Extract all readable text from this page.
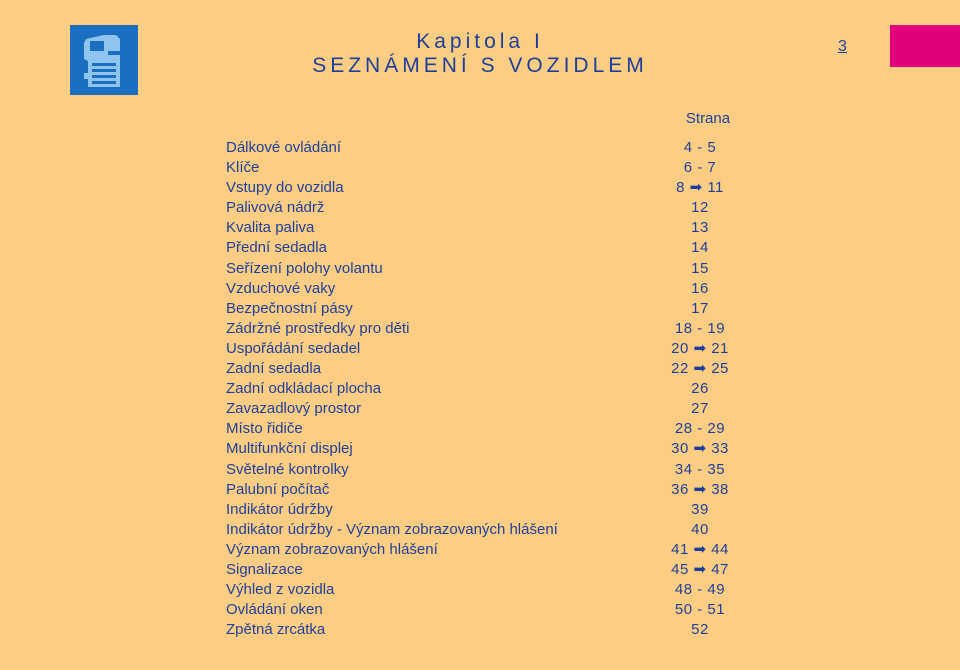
Kapitola I
SEZNÁMENÍ S VOZIDLEM
3
Strana
Dálkové ovládání	4 - 5
Klíče	6 - 7
Vstupy do vozidla	8 ➡ 11
Palivová nádrž	12
Kvalita paliva	13
Přední sedadla	14
Seřízení polohy volantu	15
Vzduchové vaky	16
Bezpečnostní pásy	17
Zádržné prostředky pro děti	18 - 19
Uspořádání sedadel	20 ➡ 21
Zadní sedadla	22 ➡ 25
Zadní odkládací plocha	26
Zavazadlový prostor	27
Místo řidiče	28 - 29
Multifunkční displej	30 ➡ 33
Světelné kontrolky	34 - 35
Palubní počítač	36 ➡ 38
Indikátor údržby	39
Indikátor údržby - Význam zobrazovaných hlášení	40
Význam zobrazovaných hlášení	41 ➡ 44
Signalizace	45 ➡ 47
Výhled z vozidla	48 - 49
Ovládání oken	50 - 51
Zpětná zrcátka	52
